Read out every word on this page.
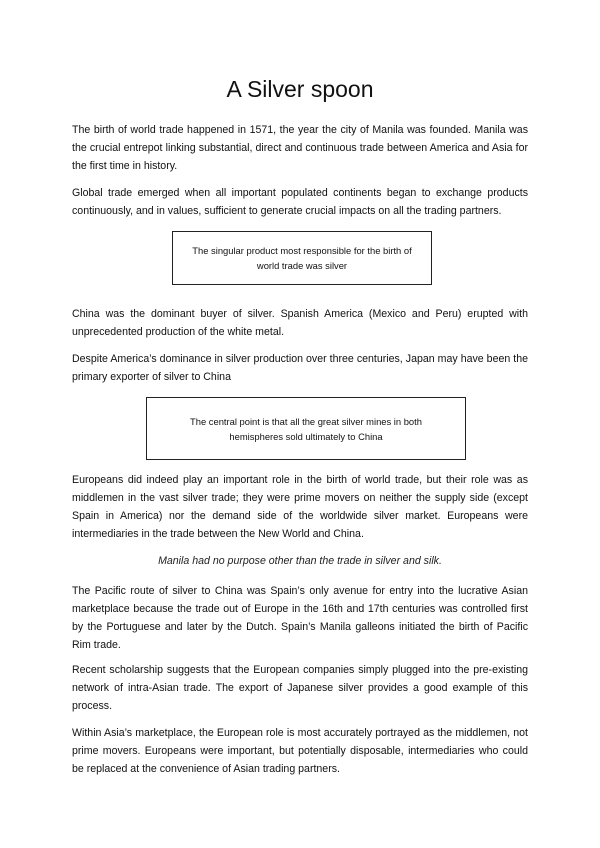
A Silver spoon

The birth of world trade happened in 1571, the year the city of Manila was founded. Manila was the crucial entrepot linking substantial, direct and continuous trade between America and Asia for the first time in history.

Global trade emerged when all important populated continents began to exchange products continuously, and in values, sufficient to generate crucial impacts on all the trading partners.

The singular product most responsible for the birth of world trade was silver

China was the dominant buyer of silver. Spanish America (Mexico and Peru) erupted with unprecedented production of the white metal.

Despite America’s dominance in silver production over three centuries, Japan may have been the primary exporter of silver to China

The central point is that all the great silver mines in both hemispheres sold ultimately to China

Europeans did indeed play an important role in the birth of world trade, but their role was as middlemen in the vast silver trade; they were prime movers on neither the supply side (except Spain in America) nor the demand side of the worldwide silver market. Europeans were intermediaries in the trade between the New World and China.

Manila had no purpose other than the trade in silver and silk.

The Pacific route of silver to China was Spain’s only avenue for entry into the lucrative Asian marketplace because the trade out of Europe in the 16th and 17th centuries was controlled first by the Portuguese and later by the Dutch. Spain’s Manila galleons initiated the birth of Pacific Rim trade.

Recent scholarship suggests that the European companies simply plugged into the pre-existing network of intra-Asian trade. The export of Japanese silver provides a good example of this process.

Within Asia’s marketplace, the European role is most accurately portrayed as the middlemen, not prime movers. Europeans were important, but potentially disposable, intermediaries who could be replaced at the convenience of Asian trading partners.
